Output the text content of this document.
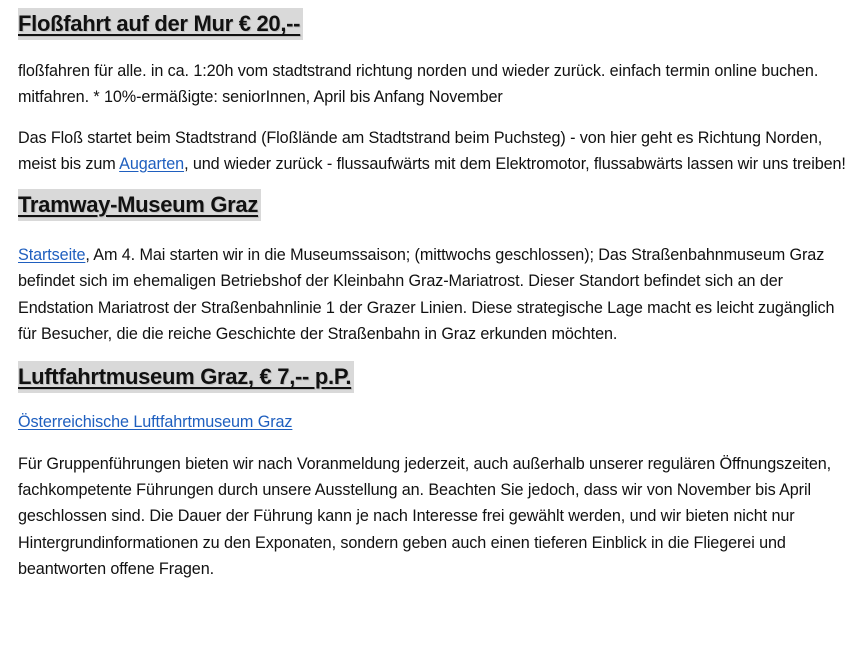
Floßfahrt auf der Mur € 20,--

floßfahren für alle. in ca. 1:20h vom stadtstrand richtung norden und wieder zurück. einfach termin online buchen. mitfahren. * 10%-ermäßigte: seniorInnen, April bis Anfang November

Das Floß startet beim Stadtstrand (Floßlände am Stadtstrand beim Puchsteg) - von hier geht es Richtung Norden, meist bis zum Augarten, und wieder zurück - flussaufwärts mit dem Elektromotor, flussabwärts lassen wir uns treiben!

Tramway-Museum Graz

Startseite, Am 4. Mai starten wir in die Museumssaison; (mittwochs geschlossen); Das Straßenbahnmuseum Graz befindet sich im ehemaligen Betriebshof der Kleinbahn Graz-Mariatrost. Dieser Standort befindet sich an der Endstation Mariatrost der Straßenbahnlinie 1 der Grazer Linien. Diese strategische Lage macht es leicht zugänglich für Besucher, die die reiche Geschichte der Straßenbahn in Graz erkunden möchten.

Luftfahrtmuseum Graz, € 7,-- p.P.

Österreichische Luftfahrtmuseum Graz

Für Gruppenführungen bieten wir nach Voranmeldung jederzeit, auch außerhalb unserer regulären Öffnungszeiten, fachkompetente Führungen durch unsere Ausstellung an. Beachten Sie jedoch, dass wir von November bis April geschlossen sind. Die Dauer der Führung kann je nach Interesse frei gewählt werden, und wir bieten nicht nur Hintergrundinformationen zu den Exponaten, sondern geben auch einen tieferen Einblick in die Fliegerei und beantworten offene Fragen.
